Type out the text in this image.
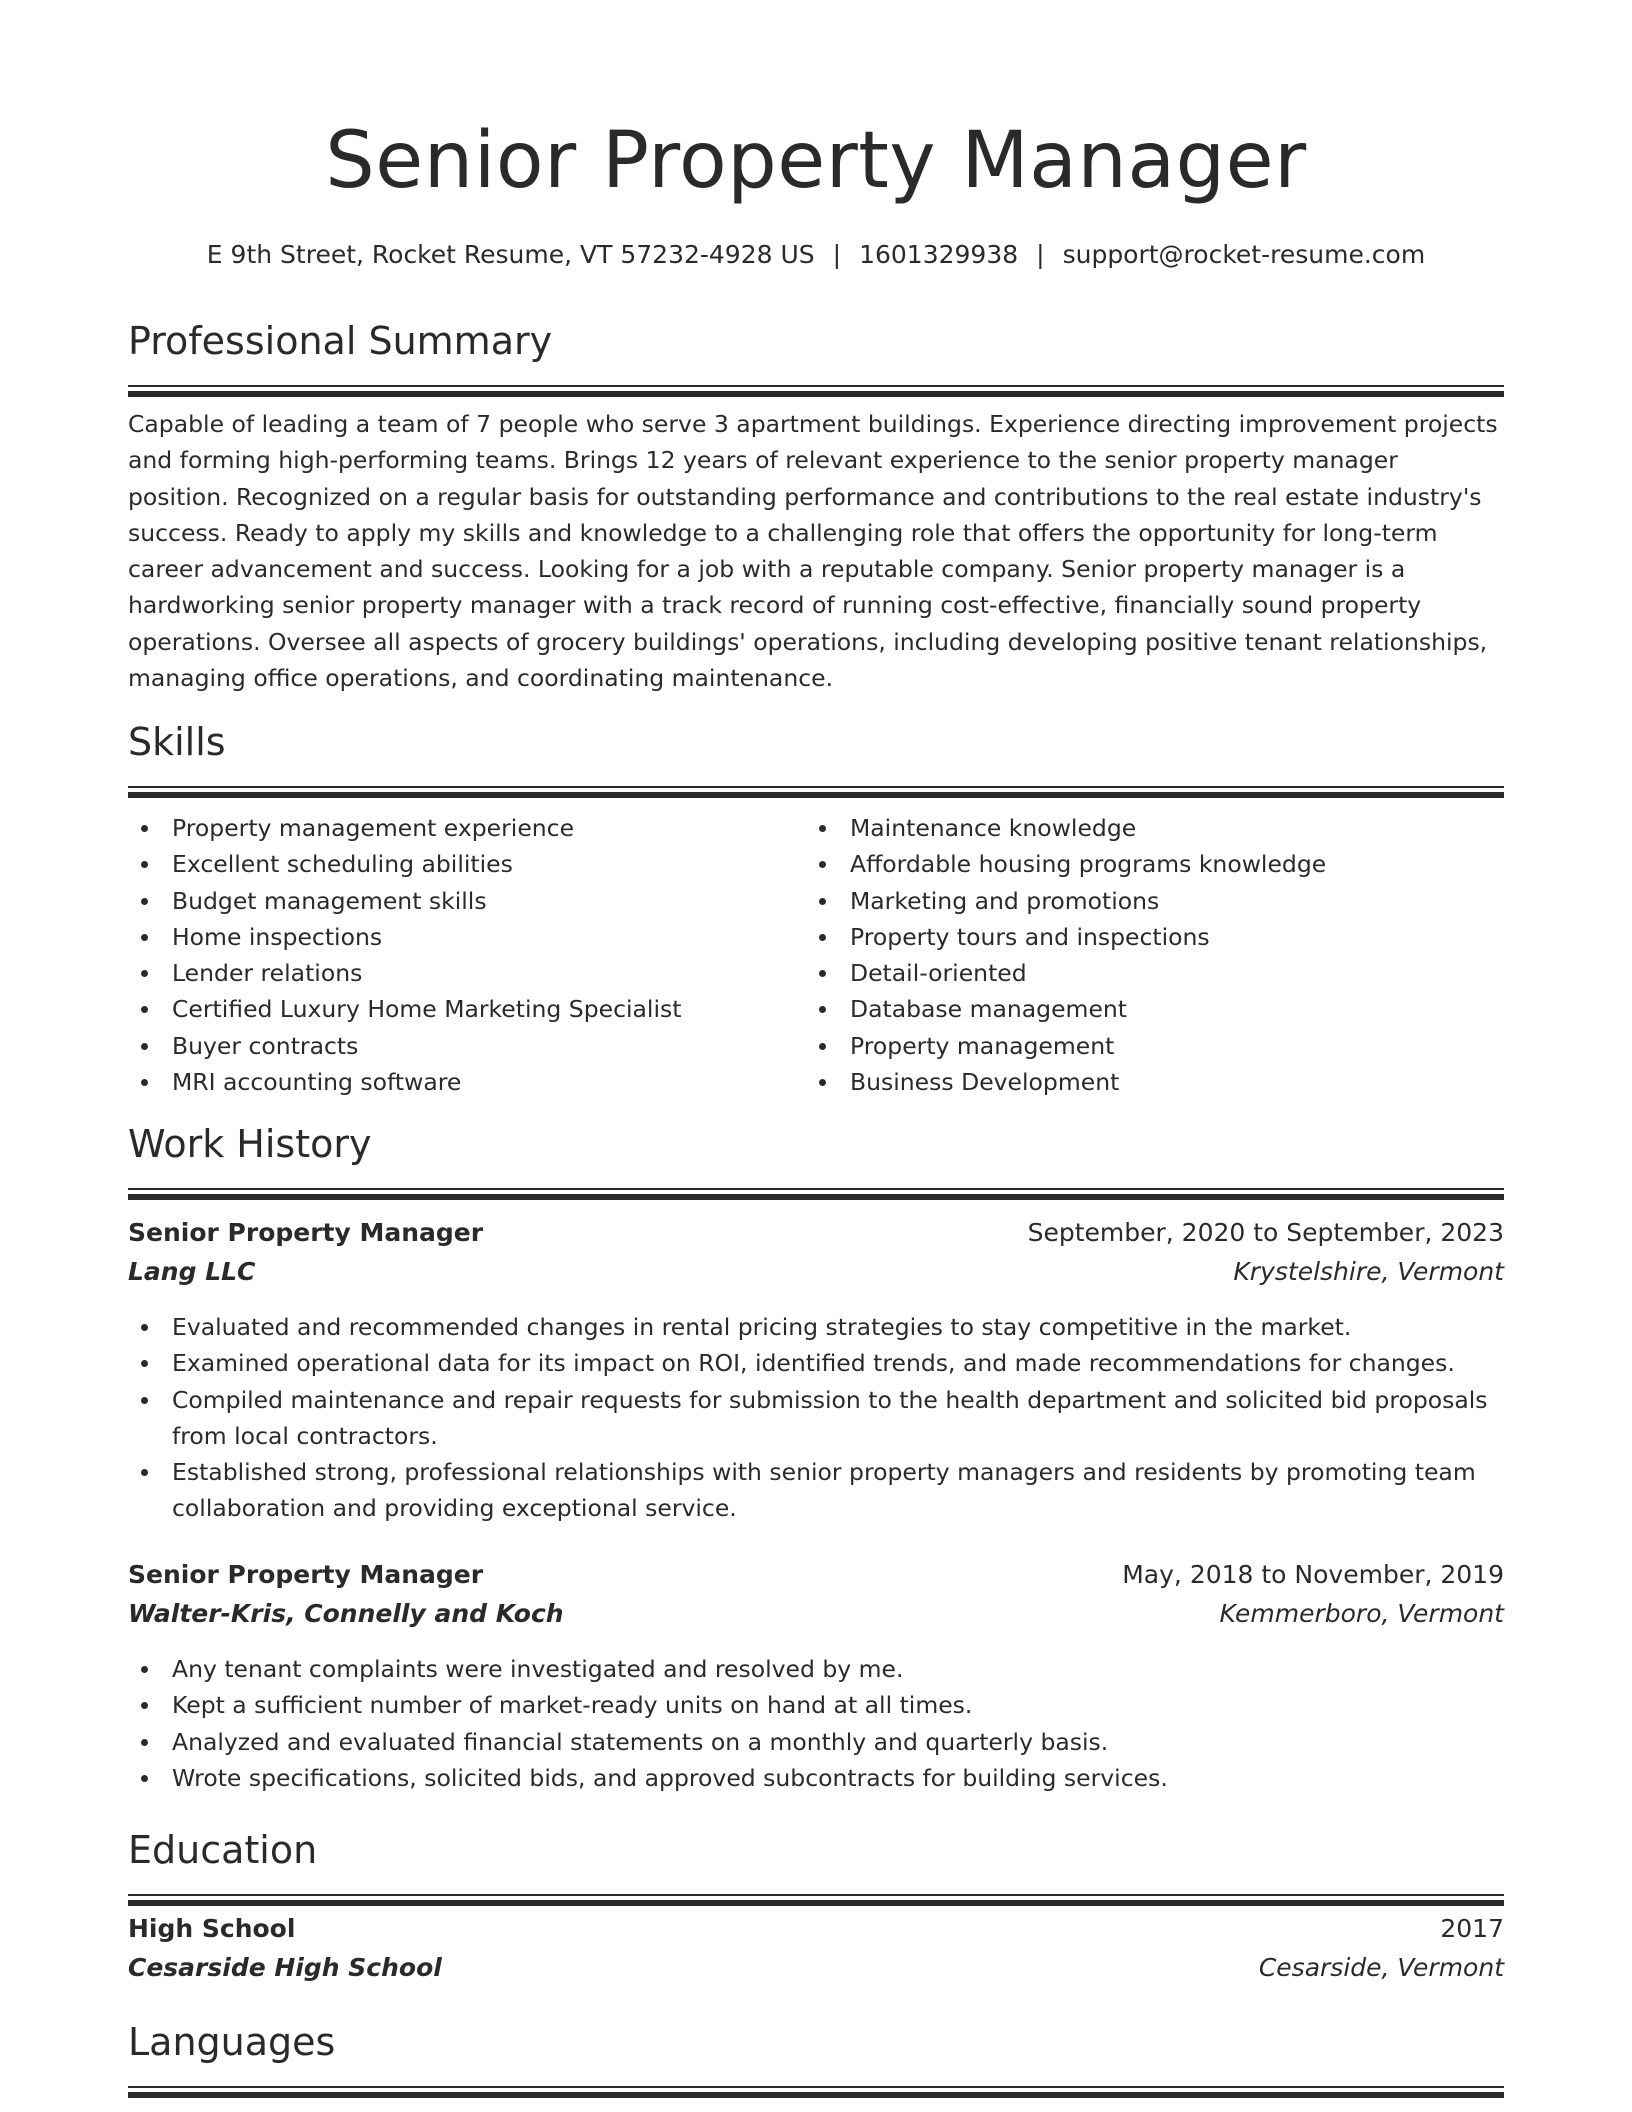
Senior Property Manager
E 9th Street, Rocket Resume, VT 57232-4928 US | 1601329938 | support@rocket-resume.com
Professional Summary

Capable of leading a team of 7 people who serve 3 apartment buildings. Experience directing improvement projects and forming high-performing teams. Brings 12 years of relevant experience to the senior property manager position. Recognized on a regular basis for outstanding performance and contributions to the real estate industry's success. Ready to apply my skills and knowledge to a challenging role that offers the opportunity for long-term career advancement and success. Looking for a job with a reputable company. Senior property manager is a hardworking senior property manager with a track record of running cost-effective, financially sound property operations. Oversee all aspects of grocery buildings' operations, including developing positive tenant relationships, managing office operations, and coordinating maintenance.

Skills
Property management experience
Excellent scheduling abilities
Budget management skills
Home inspections
Lender relations
Certified Luxury Home Marketing Specialist
Buyer contracts
MRI accounting software
Maintenance knowledge
Affordable housing programs knowledge
Marketing and promotions
Property tours and inspections
Detail-oriented
Database management
Property management
Business Development
Work History
Senior Property Manager	September, 2020 to September, 2023
Lang LLC	Krystelshire, Vermont
Evaluated and recommended changes in rental pricing strategies to stay competitive in the market.
Examined operational data for its impact on ROI, identified trends, and made recommendations for changes.
Compiled maintenance and repair requests for submission to the health department and solicited bid proposals from local contractors.
Established strong, professional relationships with senior property managers and residents by promoting team collaboration and providing exceptional service.
Senior Property Manager	May, 2018 to November, 2019
Walter-Kris, Connelly and Koch	Kemmerboro, Vermont
Any tenant complaints were investigated and resolved by me.
Kept a sufficient number of market-ready units on hand at all times.
Analyzed and evaluated financial statements on a monthly and quarterly basis.
Wrote specifications, solicited bids, and approved subcontracts for building services.
Education
High School	2017
Cesarside High School	Cesarside, Vermont
Languages
